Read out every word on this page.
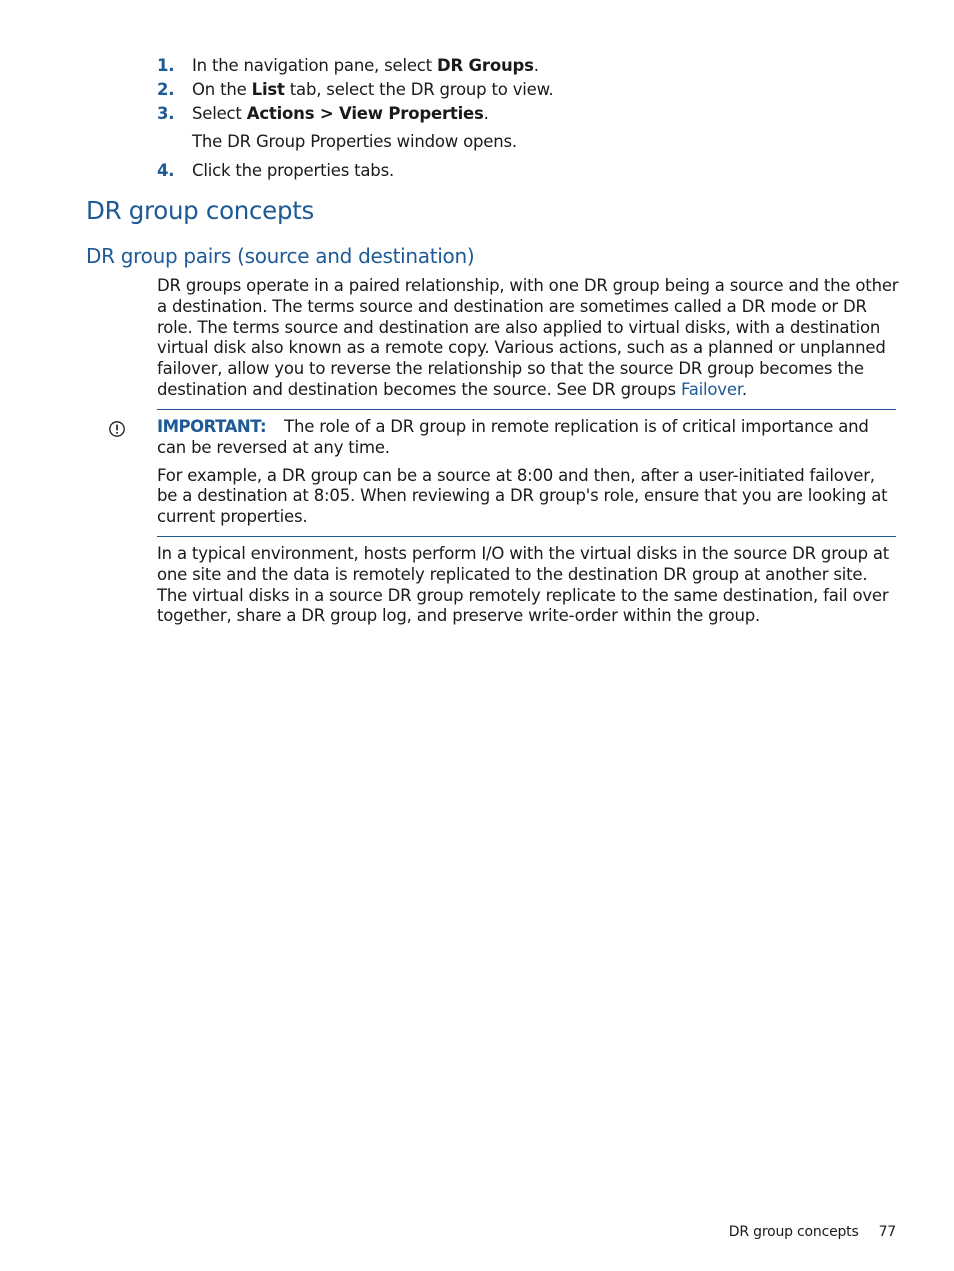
1. In the navigation pane, select DR Groups.
2. On the List tab, select the DR group to view.
3. Select Actions > View Properties.
The DR Group Properties window opens.
4. Click the properties tabs.
DR group concepts
DR group pairs (source and destination)
DR groups operate in a paired relationship, with one DR group being a source and the other a destination. The terms source and destination are sometimes called a DR mode or DR role. The terms source and destination are also applied to virtual disks, with a destination virtual disk also known as a remote copy. Various actions, such as a planned or unplanned failover, allow you to reverse the relationship so that the source DR group becomes the destination and destination becomes the source. See DR groups Failover.
IMPORTANT: The role of a DR group in remote replication is of critical importance and can be reversed at any time.
For example, a DR group can be a source at 8:00 and then, after a user-initiated failover, be a destination at 8:05. When reviewing a DR group's role, ensure that you are looking at current properties.
In a typical environment, hosts perform I/O with the virtual disks in the source DR group at one site and the data is remotely replicated to the destination DR group at another site. The virtual disks in a source DR group remotely replicate to the same destination, fail over together, share a DR group log, and preserve write-order within the group.
DR group concepts 77
